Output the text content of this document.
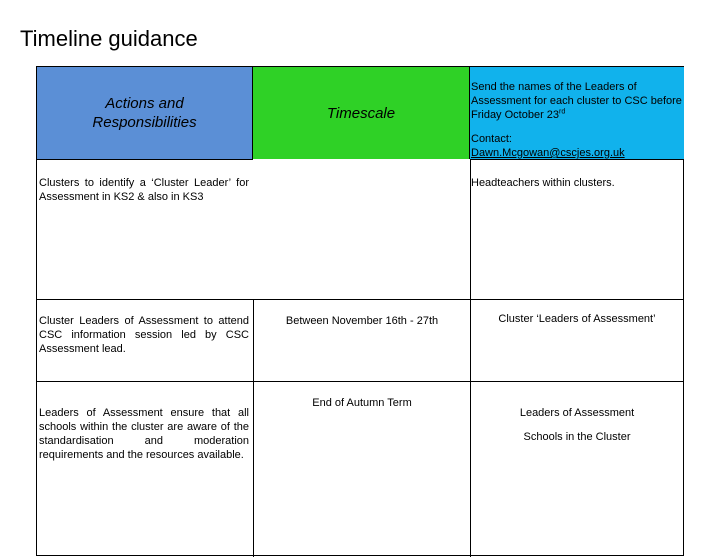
Timeline guidance
Actions and Responsibilities
Timescale
Send the names of the Leaders of Assessment for each cluster to CSC before Friday October 23rd
Contact:
Dawn.Mcgowan@cscjes.org.uk
Clusters to identify a ‘Cluster Leader’ for Assessment in KS2 & also in KS3
Headteachers within clusters.
Cluster Leaders of Assessment to attend CSC information session led by CSC Assessment lead.
Between November 16th - 27th	Cluster ‘Leaders of Assessment’
Leaders of Assessment ensure that all schools within the cluster are aware of the standardisation and moderation requirements and the resources available.
End of Autumn Term
Leaders of Assessment
Schools in the Cluster
